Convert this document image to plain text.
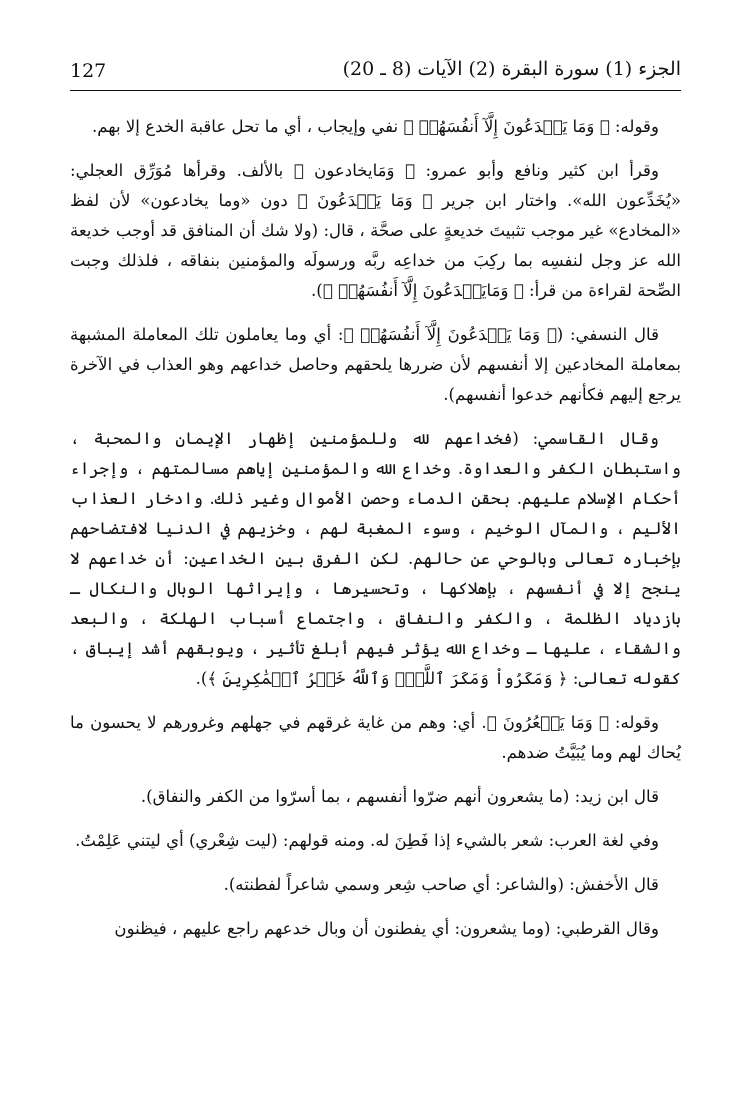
127	الجزء (1) سورة البقرة (2) الآيات (8 ـ 20)

وقوله: ﴿ وَمَا يَخۡدَعُونَ إِلَّآ أَنفُسَهُمۡ ﴾ نفي وإيجاب ، أي ما تحل عاقبة الخدع إلا بهم.

وقرأ ابن كثير ونافع وأبو عمرو: ﴿ وَمَايخادعون ﴾ بالألف. وقرأها مُوَرِّق العجلي: «يُخَدِّعون الله». واختار ابن جرير ﴿ وَمَا يَخۡدَعُونَ ﴾ دون «وما يخادعون» لأن لفظ «المخادع» غير موجب تثبيتَ خديعةٍ على صحَّة ، قال: (ولا شك أن المنافق قد أوجب خديعة الله عز وجل لنفسِه بما ركِبَ من خداعِه ربَّه ورسولَه والمؤمنين بنفاقه ، فلذلك وجبت الصِّحة لقراءة من قرأ: ﴿ وَمَايَخۡدَعُونَ إِلَّآ أَنفُسَهُمۡ ﴾).

قال النسفي: (﴿ وَمَا يَخۡدَعُونَ إِلَّآ أَنفُسَهُمۡ ﴾: أي وما يعاملون تلك المعاملة المشبهة بمعاملة المخادعين إلا أنفسهم لأن ضررها يلحقهم وحاصل خداعهم وهو العذاب في الآخرة يرجع إليهم فكأنهم خدعوا أنفسهم).

وقال القاسمي: (فخداعهم لله وللمؤمنين إظهار الإيمان والمحبة ، واستبطان الكفر والعداوة. وخداع الله والمؤمنين إياهم مسالمتهم ، وإجراء أحكام الإسلام عليهم. بحقن الدماء وحصن الأموال وغير ذلك. وادخار العذاب الأليم ، والمآل الوخيم ، وسوء المغبة لهم ، وخزيهم في الدنيا لافتضاحهم بإخباره تعالى وبالوحي عن حالهم. لكن الفرق بين الخداعين: أن خداعهم لا ينجح إلا في أنفسهم ، بإهلاكها ، وتحسيرها ، وإيراثها الوبال والنكال ـ بازدياد الظلمة ، والكفر والنفاق ، واجتماع أسباب الهلكة ، والبعد والشقاء ، عليها ـ وخداع الله يؤثر فيهم أبلغ تأثير ، ويوبقهم أشد إيباق ، كقوله تعالى: ﴿ وَمَكَرُواْ وَمَكَرَ ٱللَّهُۖ وَٱللَّهُ خَيۡرُ ٱلۡمَٰكِرِينَ ﴾).

وقوله: ﴿ وَمَا يَشۡعُرُونَ ﴾. أي: وهم من غاية غرقهم في جهلهم وغرورهم لا يحسون ما يُحاك لهم وما يُبَيَّتُ ضدهم.

قال ابن زيد: (ما يشعرون أنهم ضرّوا أنفسهم ، بما أسرّوا من الكفر والنفاق).

وفي لغة العرب: شعر بالشيء إذا فَطِنَ له. ومنه قولهم: (ليت شِعْري) أي ليتني عَلِمْتُ.

قال الأخفش: (والشاعر: أي صاحب شِعر وسمي شاعراً لفطنته).

وقال القرطبي: (وما يشعرون: أي يفطنون أن وبال خدعهم راجع عليهم ، فيظنون
